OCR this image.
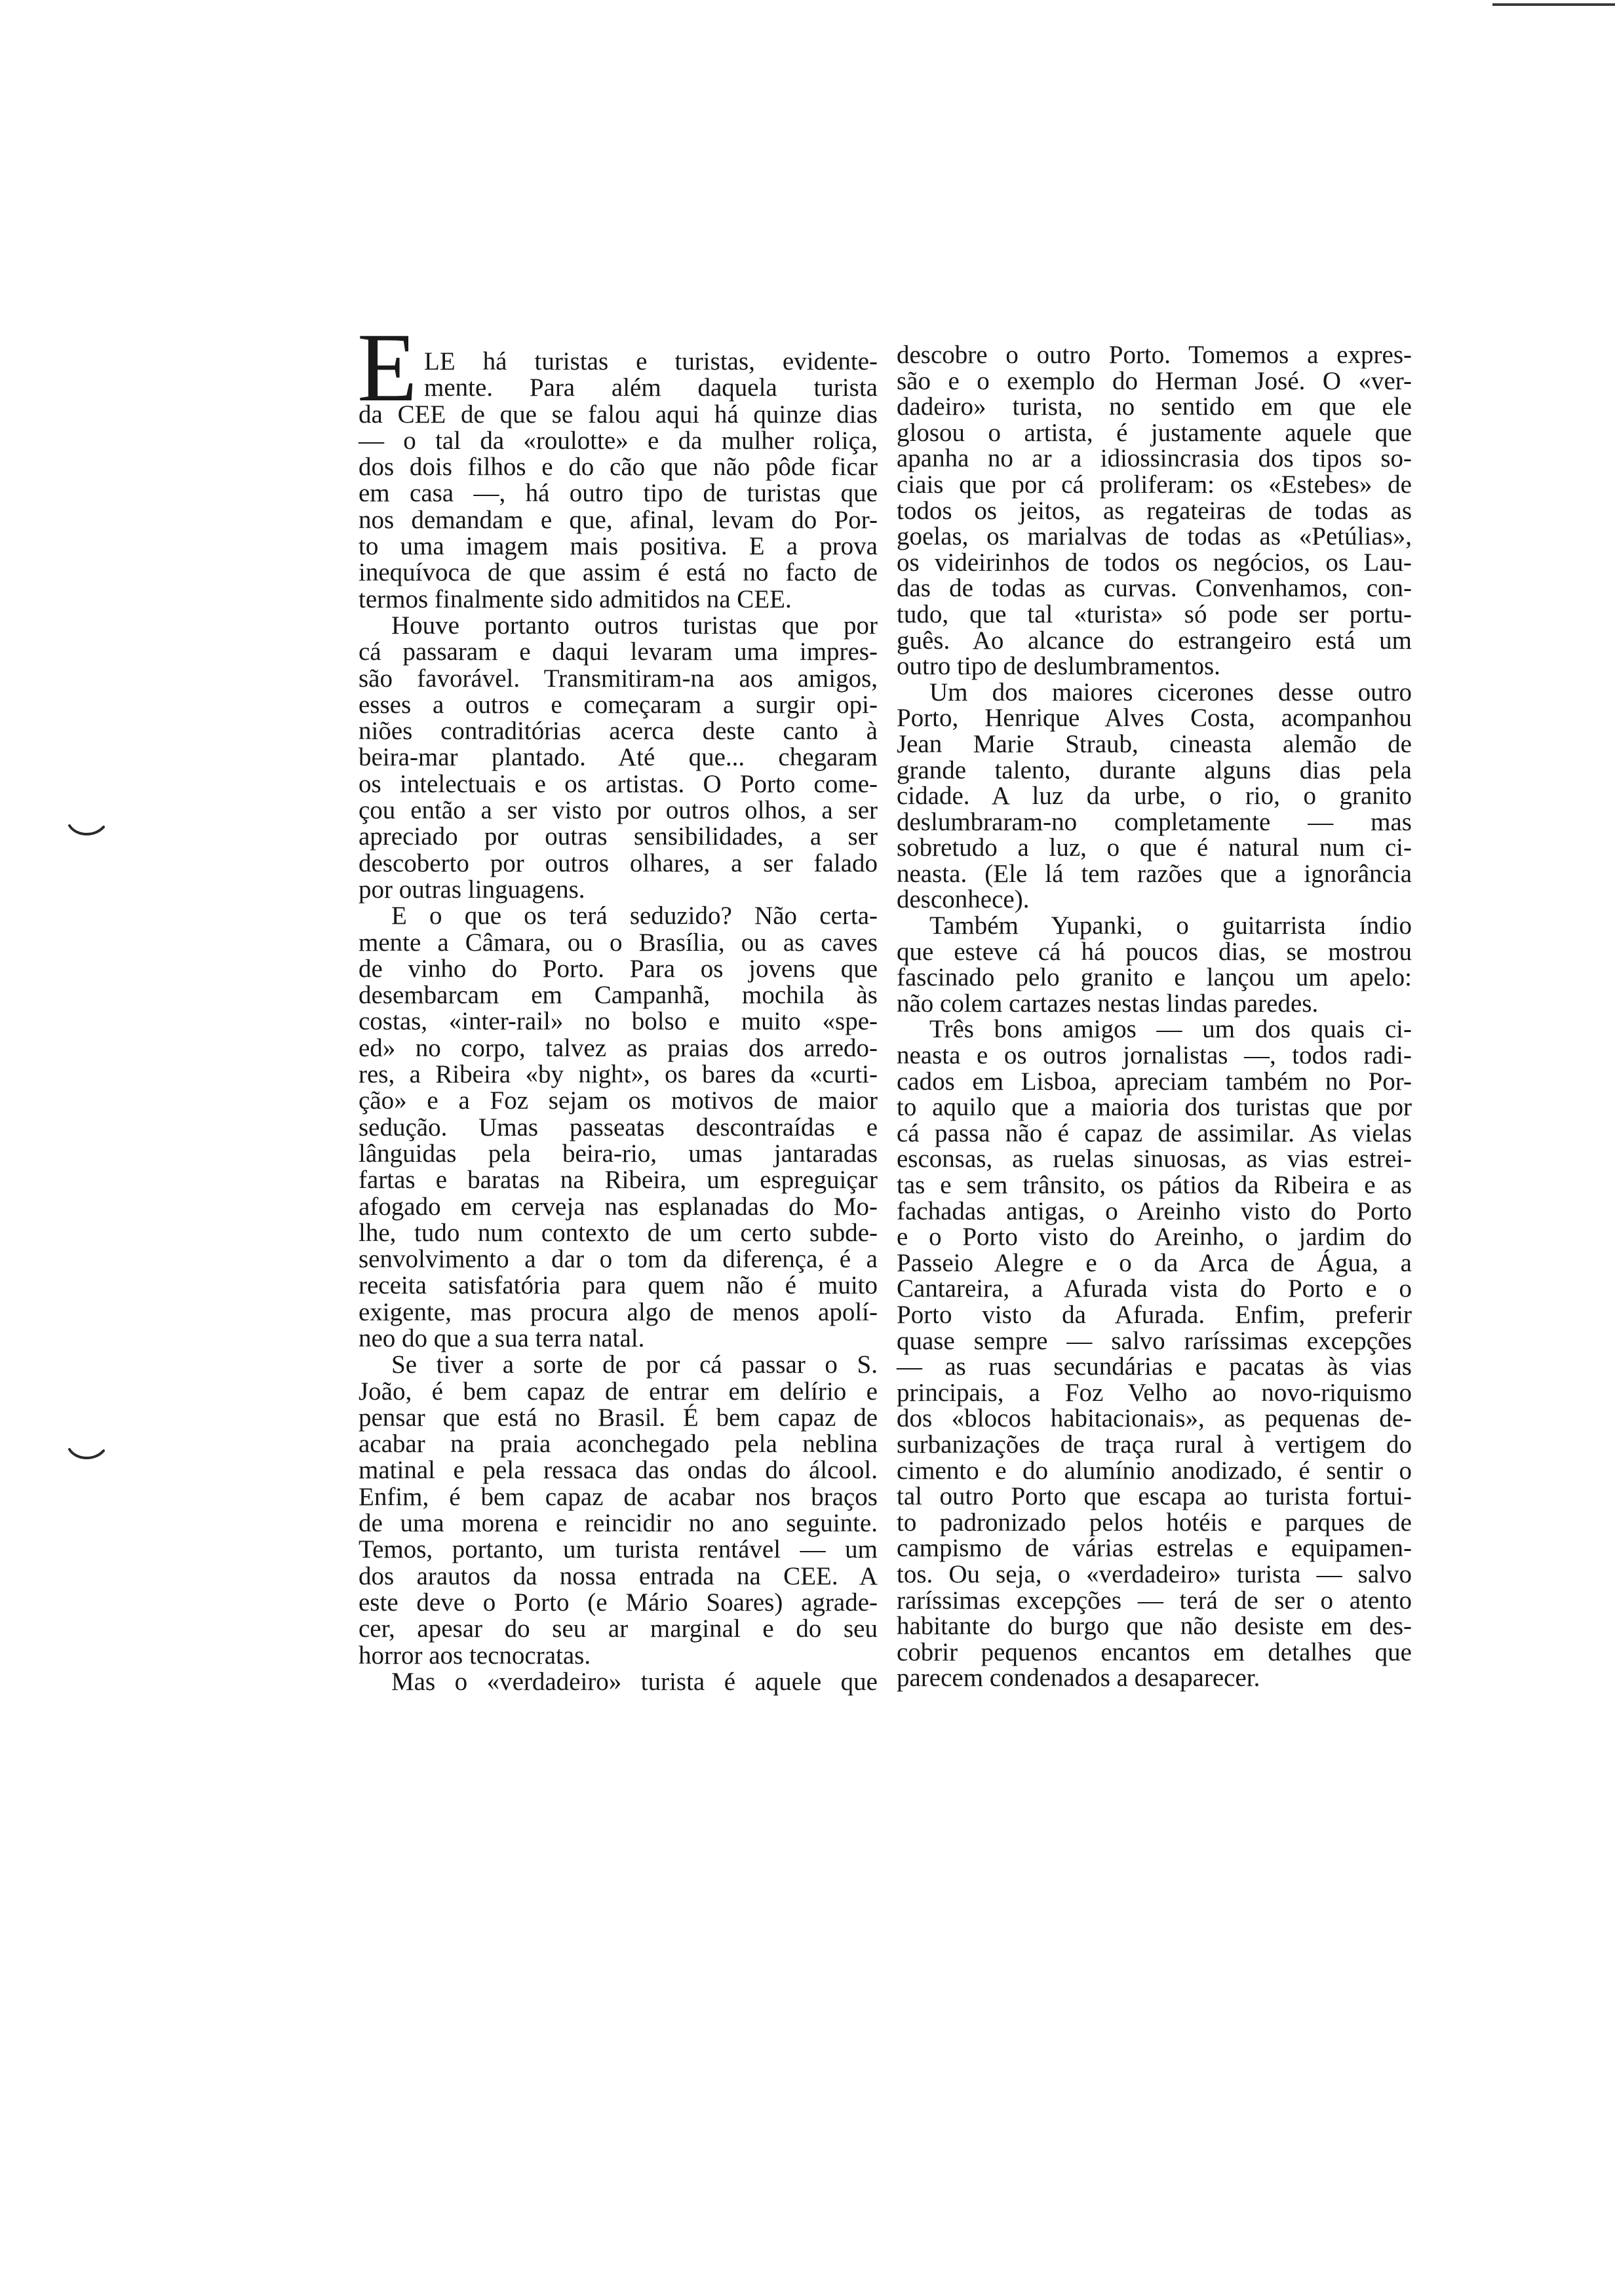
E LE há turistas e turistas, evidente-
mente. Para além daquela turista
da CEE de que se falou aqui há quinze dias
— o tal da «roulotte» e da mulher roliça,
dos dois filhos e do cão que não pôde ficar
em casa —, há outro tipo de turistas que
nos demandam e que, afinal, levam do Por-
to uma imagem mais positiva. E a prova
inequívoca de que assim é está no facto de
termos finalmente sido admitidos na CEE.
Houve portanto outros turistas que por
cá passaram e daqui levaram uma impres-
são favorável. Transmitiram-na aos amigos,
esses a outros e começaram a surgir opi-
niões contraditórias acerca deste canto à
beira-mar plantado. Até que... chegaram
os intelectuais e os artistas. O Porto come-
çou então a ser visto por outros olhos, a ser
apreciado por outras sensibilidades, a ser
descoberto por outros olhares, a ser falado
por outras linguagens.
E o que os terá seduzido? Não certa-
mente a Câmara, ou o Brasília, ou as caves
de vinho do Porto. Para os jovens que
desembarcam em Campanhã, mochila às
costas, «inter-rail» no bolso e muito «spe-
ed» no corpo, talvez as praias dos arredo-
res, a Ribeira «by night», os bares da «curti-
ção» e a Foz sejam os motivos de maior
sedução. Umas passeatas descontraídas e
lânguidas pela beira-rio, umas jantaradas
fartas e baratas na Ribeira, um espreguiçar
afogado em cerveja nas esplanadas do Mo-
lhe, tudo num contexto de um certo subde-
senvolvimento a dar o tom da diferença, é a
receita satisfatória para quem não é muito
exigente, mas procura algo de menos apolí-
neo do que a sua terra natal.
Se tiver a sorte de por cá passar o S.
João, é bem capaz de entrar em delírio e
pensar que está no Brasil. É bem capaz de
acabar na praia aconchegado pela neblina
matinal e pela ressaca das ondas do álcool.
Enfim, é bem capaz de acabar nos braços
de uma morena e reincidir no ano seguinte.
Temos, portanto, um turista rentável — um
dos arautos da nossa entrada na CEE. A
este deve o Porto (e Mário Soares) agrade-
cer, apesar do seu ar marginal e do seu
horror aos tecnocratas.
Mas o «verdadeiro» turista é aquele que
descobre o outro Porto. Tomemos a expres-
são e o exemplo do Herman José. O «ver-
dadeiro» turista, no sentido em que ele
glosou o artista, é justamente aquele que
apanha no ar a idiossincrasia dos tipos so-
ciais que por cá proliferam: os «Estebes» de
todos os jeitos, as regateiras de todas as
goelas, os marialvas de todas as «Petúlias»,
os videirinhos de todos os negócios, os Lau-
das de todas as curvas. Convenhamos, con-
tudo, que tal «turista» só pode ser portu-
guês. Ao alcance do estrangeiro está um
outro tipo de deslumbramentos.
Um dos maiores cicerones desse outro
Porto, Henrique Alves Costa, acompanhou
Jean Marie Straub, cineasta alemão de
grande talento, durante alguns dias pela
cidade. A luz da urbe, o rio, o granito
deslumbraram-no completamente — mas
sobretudo a luz, o que é natural num ci-
neasta. (Ele lá tem razões que a ignorância
desconhece).
Também Yupanki, o guitarrista índio
que esteve cá há poucos dias, se mostrou
fascinado pelo granito e lançou um apelo:
não colem cartazes nestas lindas paredes.
Três bons amigos — um dos quais ci-
neasta e os outros jornalistas —, todos radi-
cados em Lisboa, apreciam também no Por-
to aquilo que a maioria dos turistas que por
cá passa não é capaz de assimilar. As vielas
esconsas, as ruelas sinuosas, as vias estrei-
tas e sem trânsito, os pátios da Ribeira e as
fachadas antigas, o Areinho visto do Porto
e o Porto visto do Areinho, o jardim do
Passeio Alegre e o da Arca de Água, a
Cantareira, a Afurada vista do Porto e o
Porto visto da Afurada. Enfim, preferir
quase sempre — salvo raríssimas excepções
— as ruas secundárias e pacatas às vias
principais, a Foz Velho ao novo-riquismo
dos «blocos habitacionais», as pequenas de-
surbanizações de traça rural à vertigem do
cimento e do alumínio anodizado, é sentir o
tal outro Porto que escapa ao turista fortui-
to padronizado pelos hotéis e parques de
campismo de várias estrelas e equipamen-
tos. Ou seja, o «verdadeiro» turista — salvo
raríssimas excepções — terá de ser o atento
habitante do burgo que não desiste em des-
cobrir pequenos encantos em detalhes que
parecem condenados a desaparecer.
